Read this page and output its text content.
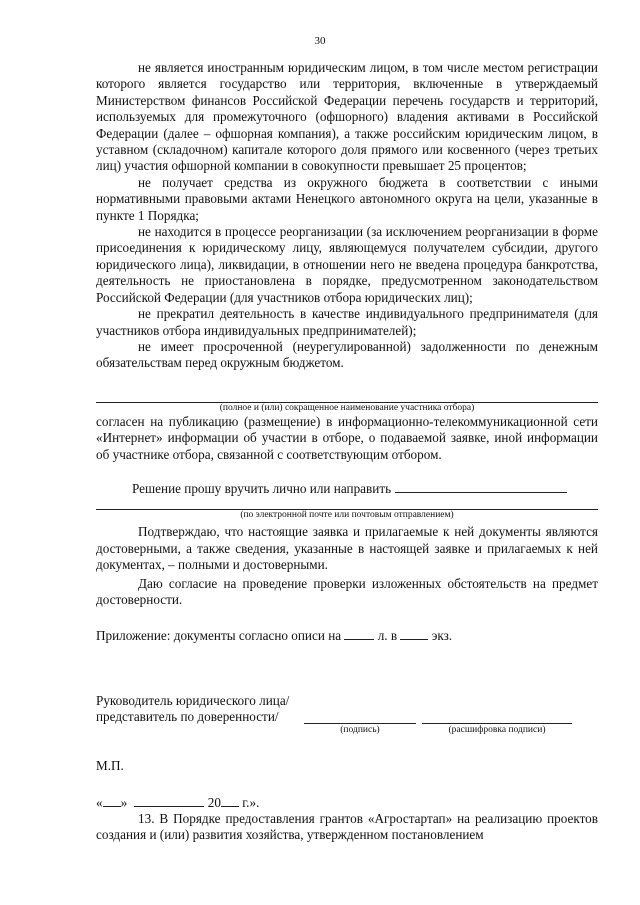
30

не является иностранным юридическим лицом, в том числе местом регистрации которого является государство или территория, включенные в утверждаемый Министерством финансов Российской Федерации перечень государств и территорий, используемых для промежуточного (офшорного) владения активами в Российской Федерации (далее – офшорная компания), а также российским юридическим лицом, в уставном (складочном) капитале которого доля прямого или косвенного (через третьих лиц) участия офшорной компании в совокупности превышает 25 процентов;

не получает средства из окружного бюджета в соответствии с иными нормативными правовыми актами Ненецкого автономного округа на цели, указанные в пункте 1 Порядка;

не находится в процессе реорганизации (за исключением реорганизации в форме присоединения к юридическому лицу, являющемуся получателем субсидии, другого юридического лица), ликвидации, в отношении него не введена процедура банкротства, деятельность не приостановлена в порядке, предусмотренном законодательством Российской Федерации (для участников отбора юридических лиц);

не прекратил деятельность в качестве индивидуального предпринимателя (для участников отбора индивидуальных предпринимателей);

не имеет просроченной (неурегулированной) задолженности по денежным обязательствам перед окружным бюджетом.

(полное и (или) сокращенное наименование участника отбора)

согласен на публикацию (размещение) в информационно-телекоммуникационной сети «Интернет» информации об участии в отборе, о подаваемой заявке, иной информации об участнике отбора, связанной с соответствующим отбором.

Решение прошу вручить лично или направить
(по электронной почте или почтовым отправлением)

Подтверждаю, что настоящие заявка и прилагаемые к ней документы являются достоверными, а также сведения, указанные в настоящей заявке и прилагаемых к ней документах, – полными и достоверными.

Даю согласие на проведение проверки изложенных обстоятельств на предмет достоверности.

Приложение: документы согласно описи на	л. в	экз.
Руководитель юридического лица/
представитель по доверенности/
(подпись)	(расшифровка подписи)
М.П.
« »	20 г.».

13. В Порядке предоставления грантов «Агростартап» на реализацию проектов создания и (или) развития хозяйства, утвержденном постановлением
